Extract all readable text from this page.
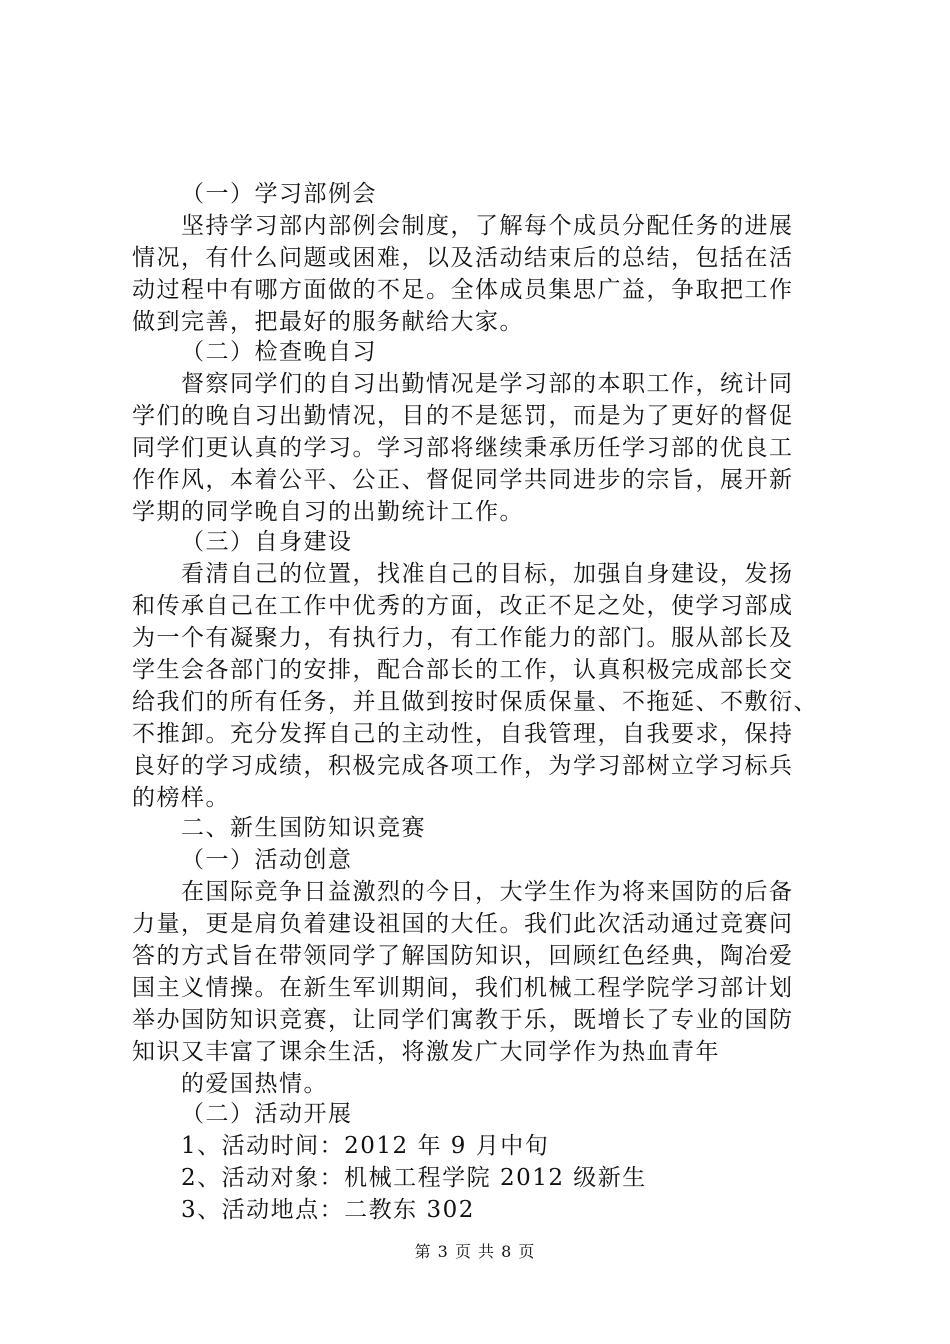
（一）学习部例会
坚持学习部内部例会制度，了解每个成员分配任务的进展
情况，有什么问题或困难，以及活动结束后的总结，包括在活
动过程中有哪方面做的不足。全体成员集思广益，争取把工作
做到完善，把最好的服务献给大家。
（二）检查晚自习
督察同学们的自习出勤情况是学习部的本职工作，统计同
学们的晚自习出勤情况，目的不是惩罚，而是为了更好的督促
同学们更认真的学习。学习部将继续秉承历任学习部的优良工
作作风，本着公平、公正、督促同学共同进步的宗旨，展开新
学期的同学晚自习的出勤统计工作。
（三）自身建设
看清自己的位置，找准自己的目标，加强自身建设，发扬
和传承自己在工作中优秀的方面，改正不足之处，使学习部成
为一个有凝聚力，有执行力，有工作能力的部门。服从部长及
学生会各部门的安排，配合部长的工作，认真积极完成部长交
给我们的所有任务，并且做到按时保质保量、不拖延、不敷衍、
不推卸。充分发挥自己的主动性，自我管理，自我要求，保持
良好的学习成绩，积极完成各项工作，为学习部树立学习标兵
的榜样。
二、新生国防知识竞赛
（一）活动创意
在国际竞争日益激烈的今日，大学生作为将来国防的后备
力量，更是肩负着建设祖国的大任。我们此次活动通过竞赛问
答的方式旨在带领同学了解国防知识，回顾红色经典，陶冶爱
国主义情操。在新生军训期间，我们机械工程学院学习部计划
举办国防知识竞赛，让同学们寓教于乐，既增长了专业的国防
知识又丰富了课余生活，将激发广大同学作为热血青年
的爱国热情。
（二）活动开展
1、活动时间：2012 年 9 月中旬
2、活动对象：机械工程学院 2012 级新生
3、活动地点：二教东 302
第 3 页 共 8 页
